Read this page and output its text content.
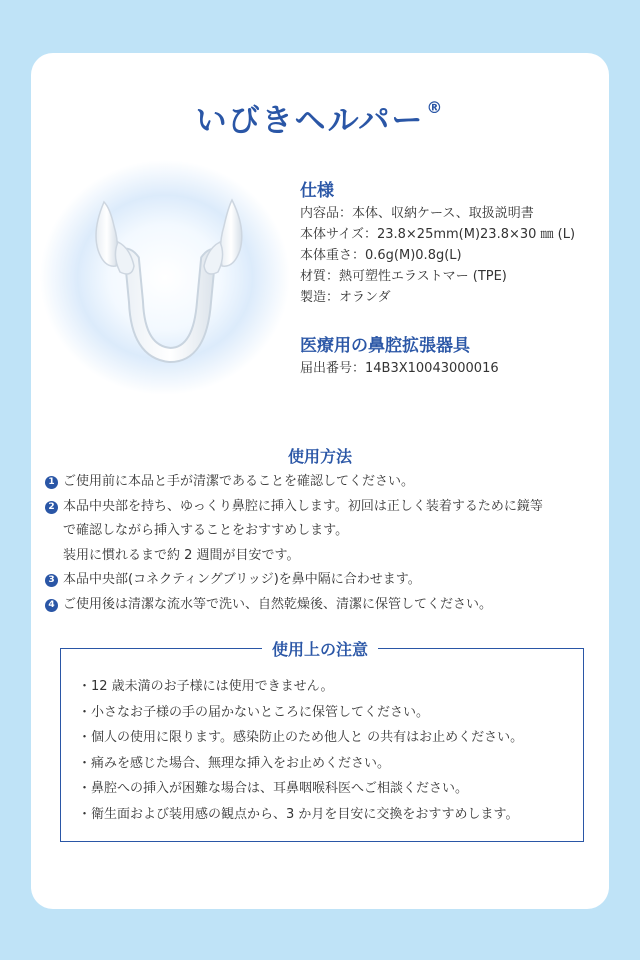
いびきヘルパー ®
仕様
内容品：本体、収納ケース、取扱説明書
本体サイズ：23.8×25mm(M)23.8×30 ㎜ (L)
本体重さ：0.6g(M)0.8g(L)
材質：熱可塑性エラストマー (TPE)
製造：オランダ
医療用の鼻腔拡張器具
届出番号：14B3X10043000016
使用方法
1 ご使用前に本品と手が清潔であることを確認してください。
2 本品中央部を持ち、ゆっくり鼻腔に挿入します。初回は正しく装着するために鏡等
で確認しながら挿入することをおすすめします。
装用に慣れるまで約 2 週間が目安です。
3 本品中央部(コネクティングブリッジ)を鼻中隔に合わせます。
4 ご使用後は清潔な流水等で洗い、自然乾燥後、清潔に保管してください。
使用上の注意
・12 歳未満のお子様には使用できません。
・小さなお子様の手の届かないところに保管してください。
・個人の使用に限ります。感染防止のため他人と の共有はお止めください。
・痛みを感じた場合、無理な挿入をお止めください。
・鼻腔への挿入が困難な場合は、耳鼻咽喉科医へご相談ください。
・衛生面および装用感の観点から、3 か月を目安に交換をおすすめします。
